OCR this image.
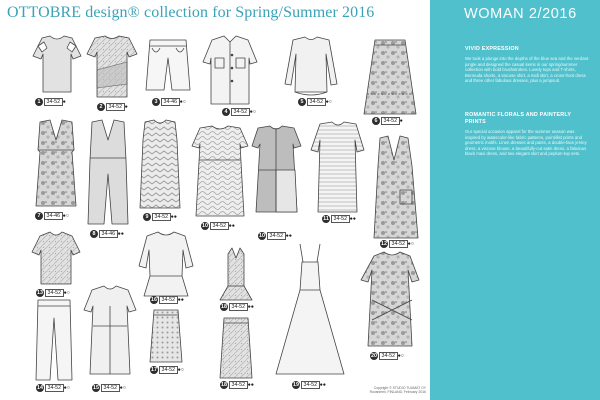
OTTOBRE design® collection for Spring/Summer 2016
1	34-52 ●
2	34-52 ●
3	34-46 ●○
4	34-52 ●○
5	34-52 ●○
6	34-52 ●
7	34-46 ●○
8	34-46 ●●
9	34-52 ●●
10 34-52 ●●
10 34-52 ●●
11 34-52 ●●
12 34-52 ●○
13 34-52 ●○
14 34-52 ●○	15 34-52 ●○
16 34-52 ●●
17 34-52 ●○
18 34-52 ●●
18 34-52 ●●	19 34-52 ●●
20 34-52 ●○
Copyright © STUDIO TUUMAT OY
Rovaniemi, FINLAND, February 2016
WOMAN 2/2016
VIVID EXPRESSION
We took a plunge into the depths of the blue sea and the verdant jungle and designed the casual items in our spring/summer collection with bold brushstrokes. Lovely tops and T-shirts, Bermuda shorts, a viscose shirt, a midi skirt, a cross-front dress and three other fabulous dresses, plus a jumpsuit.
ROMANTIC FLORALS AND PAINTERLY PRINTS
Our special occasion apparel for the summer season was inspired by watercolor-like fabric patterns, pointillist prints and geometric motifs. Linen dresses and pants, a double-face jersey dress, a viscose blouse, a beautifully-cut satin dress, a fabulous black maxi dress, and two elegant skirt and peplum-top sets.
